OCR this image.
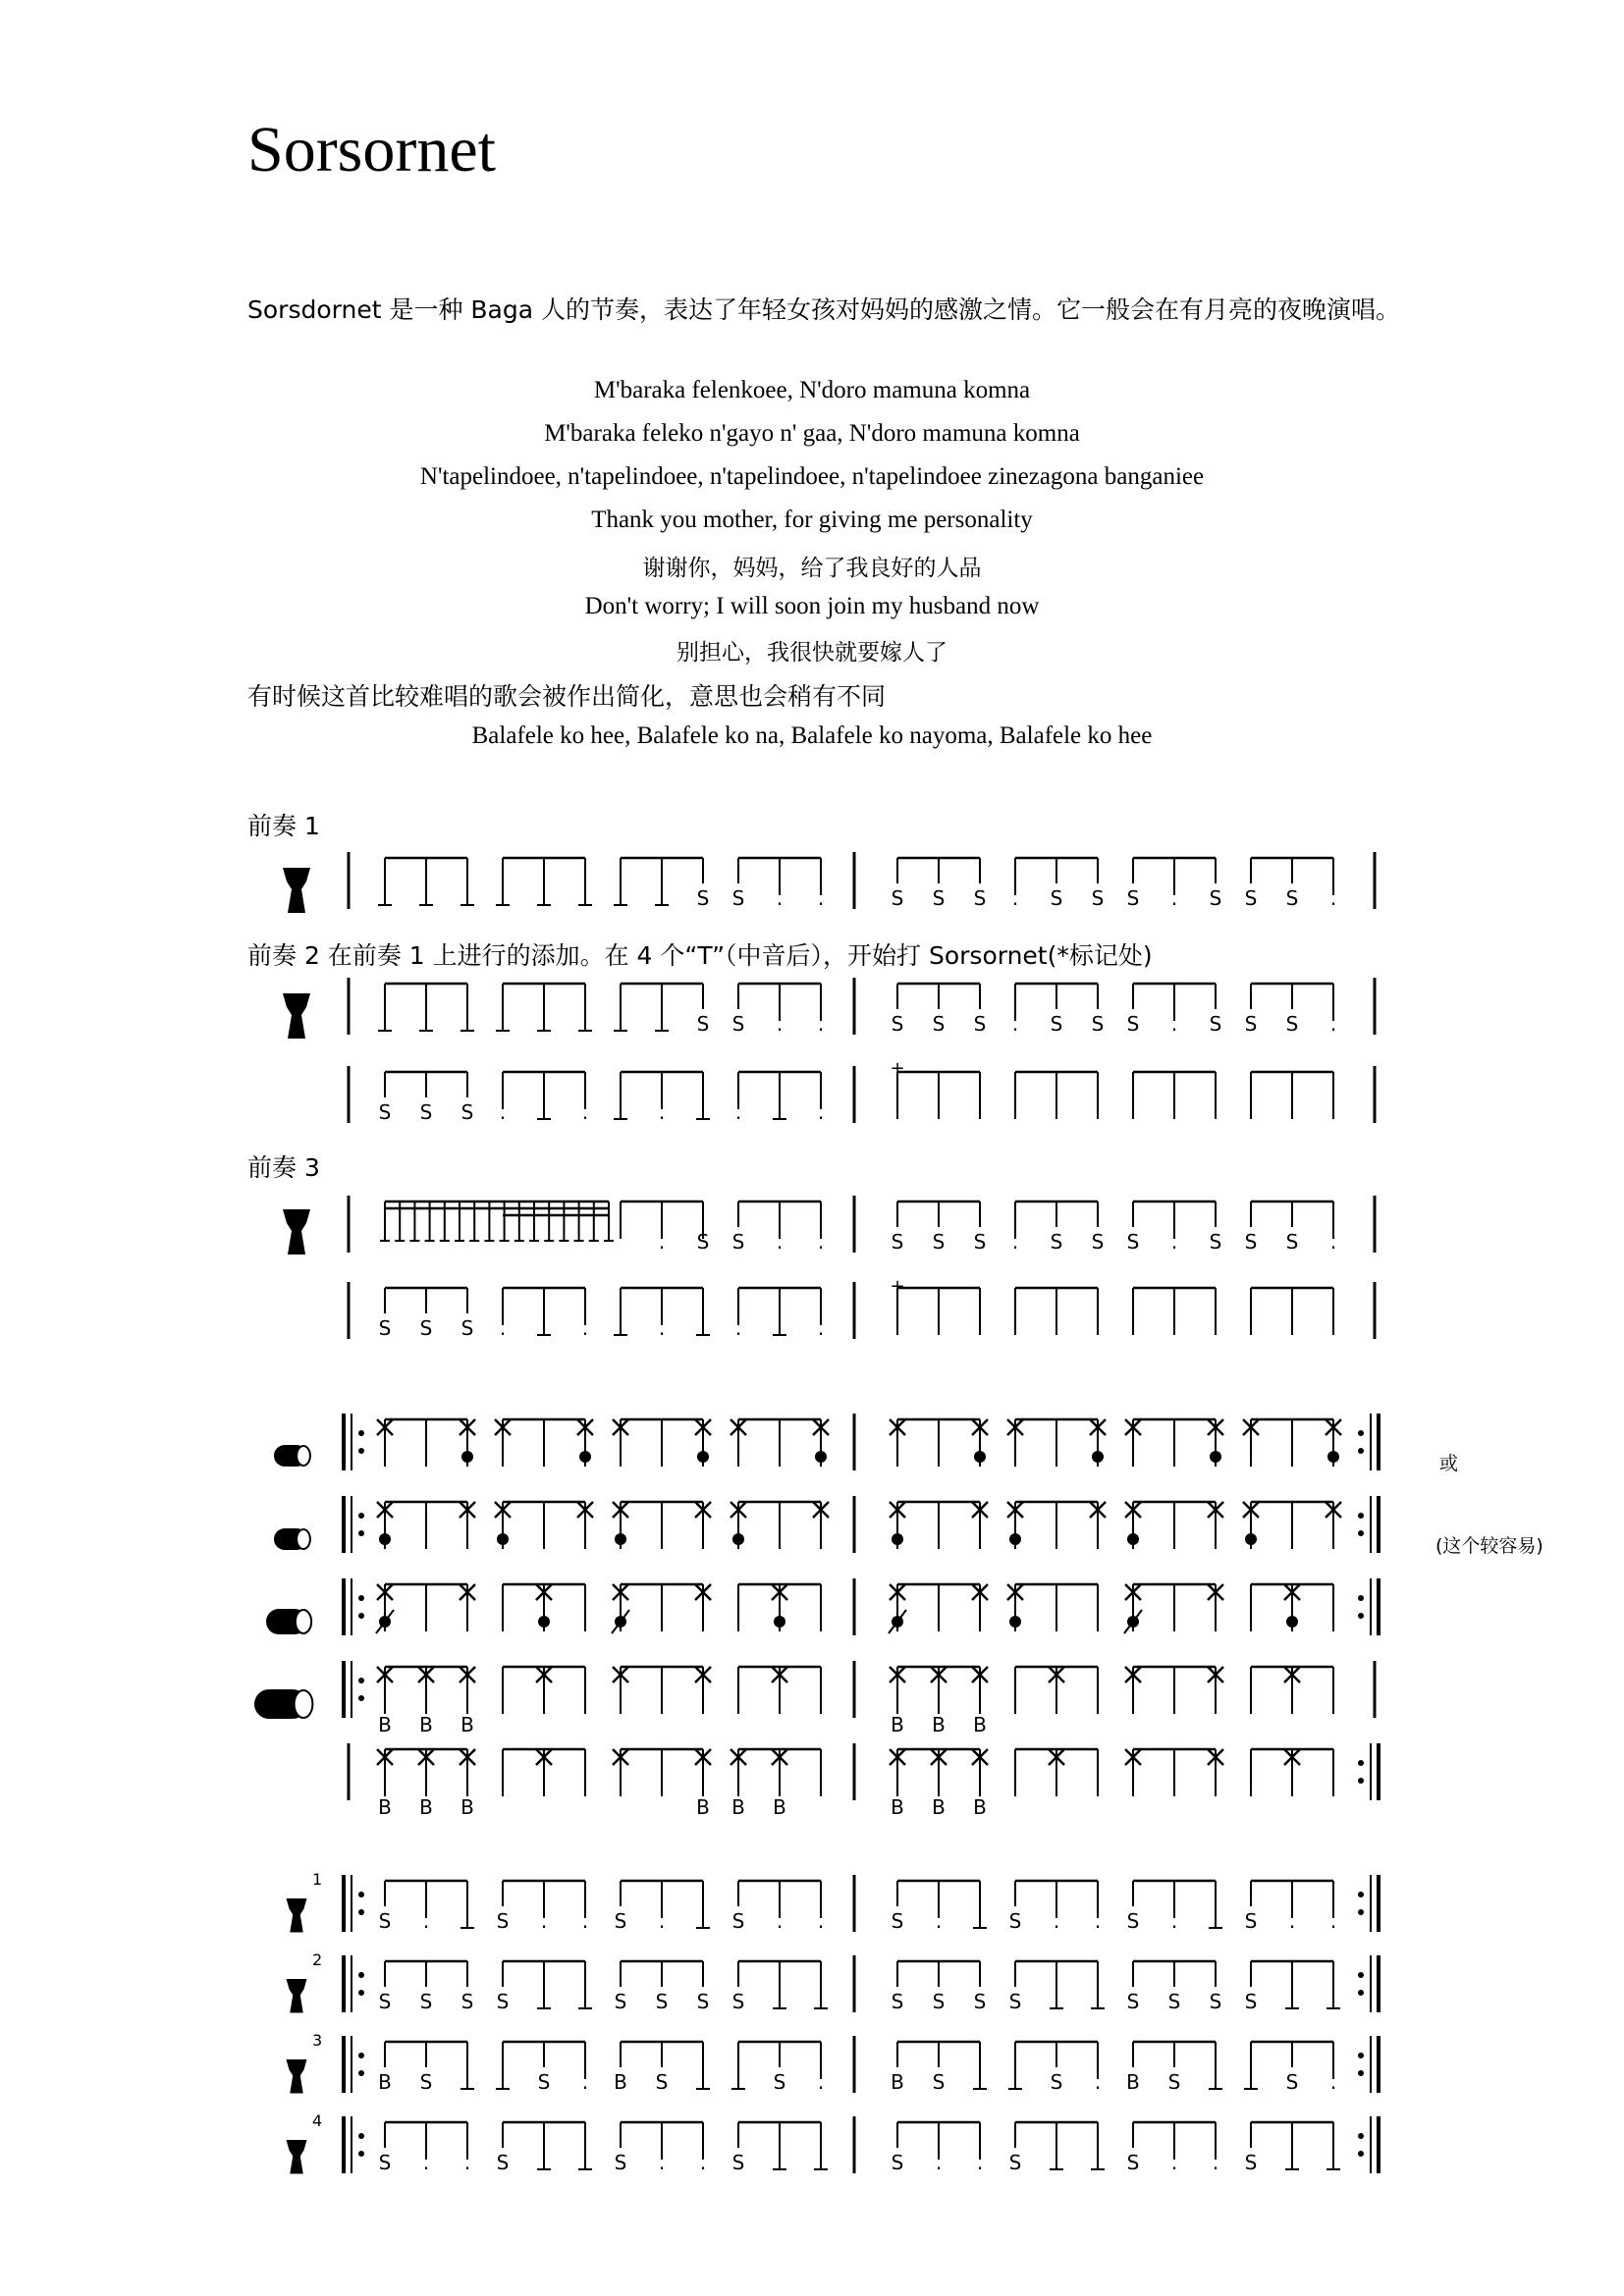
Sorsornet
Sorsdornet 是一种 Baga 人的节奏，表达了年轻女孩对妈妈的感激之情。它一般会在有月亮的夜晚演唱。
M'baraka felenkoee, N'doro mamuna komna
M'baraka feleko n'gayo n' gaa, N'doro mamuna komna
N'tapelindoee, n'tapelindoee, n'tapelindoee, n'tapelindoee zinezagona banganiee
Thank you mother, for giving me personality
谢谢你，妈妈，给了我良好的人品
Don't worry; I will soon join my husband now
别担心，我很快就要嫁人了
有时候这首比较难唱的歌会被作出简化，意思也会稍有不同
Balafele ko hee, Balafele ko na, Balafele ko nayoma, Balafele ko hee
前奏 1
前奏 2 在前奏 1 上进行的添加。在 4 个“T”（中音后），开始打 Sorsornet(*标记处)
前奏 3
或
(这个较容易)
S S . .	S S S . S S S . S S S .
S S . .	S S S . S S S . S S S .
S S S .	.	.	.	.
+
. S S . .	S S S . S S S . S S S .
S S S .	.	.	.	.
+
B B B	B B B
B B B	B B B	B B B
1
S .	S . . S .	S . .	S .	S . . S .	S . .
2
S S S S	S S S S	S S S S	S S S S
3
B S	S . B S	S .	B S	S . B S	S .
4
S . . S	S . . S	S . . S	S . . S
